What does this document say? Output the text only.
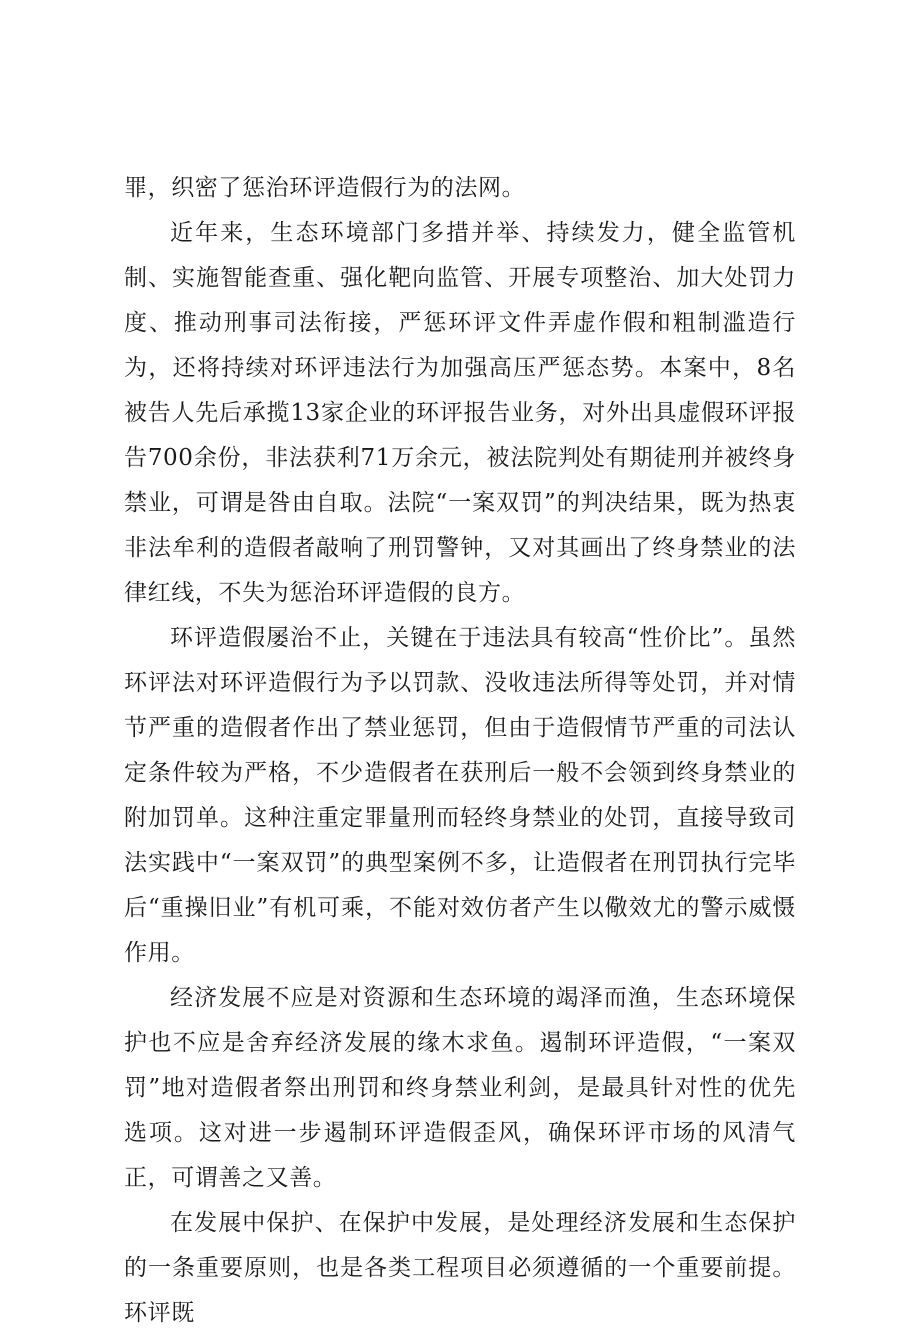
罪，织密了惩治环评造假行为的法网。

近年来，生态环境部门多措并举、持续发力，健全监管机制、实施智能查重、强化靶向监管、开展专项整治、加大处罚力度、推动刑事司法衔接，严惩环评文件弄虚作假和粗制滥造行为，还将持续对环评违法行为加强高压严惩态势。本案中，8名被告人先后承揽13家企业的环评报告业务，对外出具虚假环评报告700余份，非法获利71万余元，被法院判处有期徒刑并被终身禁业，可谓是咎由自取。法院“一案双罚”的判决结果，既为热衷非法牟利的造假者敲响了刑罚警钟，又对其画出了终身禁业的法律红线，不失为惩治环评造假的良方。

环评造假屡治不止，关键在于违法具有较高“性价比”。虽然环评法对环评造假行为予以罚款、没收违法所得等处罚，并对情节严重的造假者作出了禁业惩罚，但由于造假情节严重的司法认定条件较为严格，不少造假者在获刑后一般不会领到终身禁业的附加罚单。这种注重定罪量刑而轻终身禁业的处罚，直接导致司法实践中“一案双罚”的典型案例不多，让造假者在刑罚执行完毕后“重操旧业”有机可乘，不能对效仿者产生以儆效尤的警示威慑作用。

经济发展不应是对资源和生态环境的竭泽而渔，生态环境保护也不应是舍弃经济发展的缘木求鱼。遏制环评造假，“一案双罚”地对造假者祭出刑罚和终身禁业利剑，是最具针对性的优先选项。这对进一步遏制环评造假歪风，确保环评市场的风清气正，可谓善之又善。

在发展中保护、在保护中发展，是处理经济发展和生态保护的一条重要原则，也是各类工程项目必须遵循的一个重要前提。环评既
